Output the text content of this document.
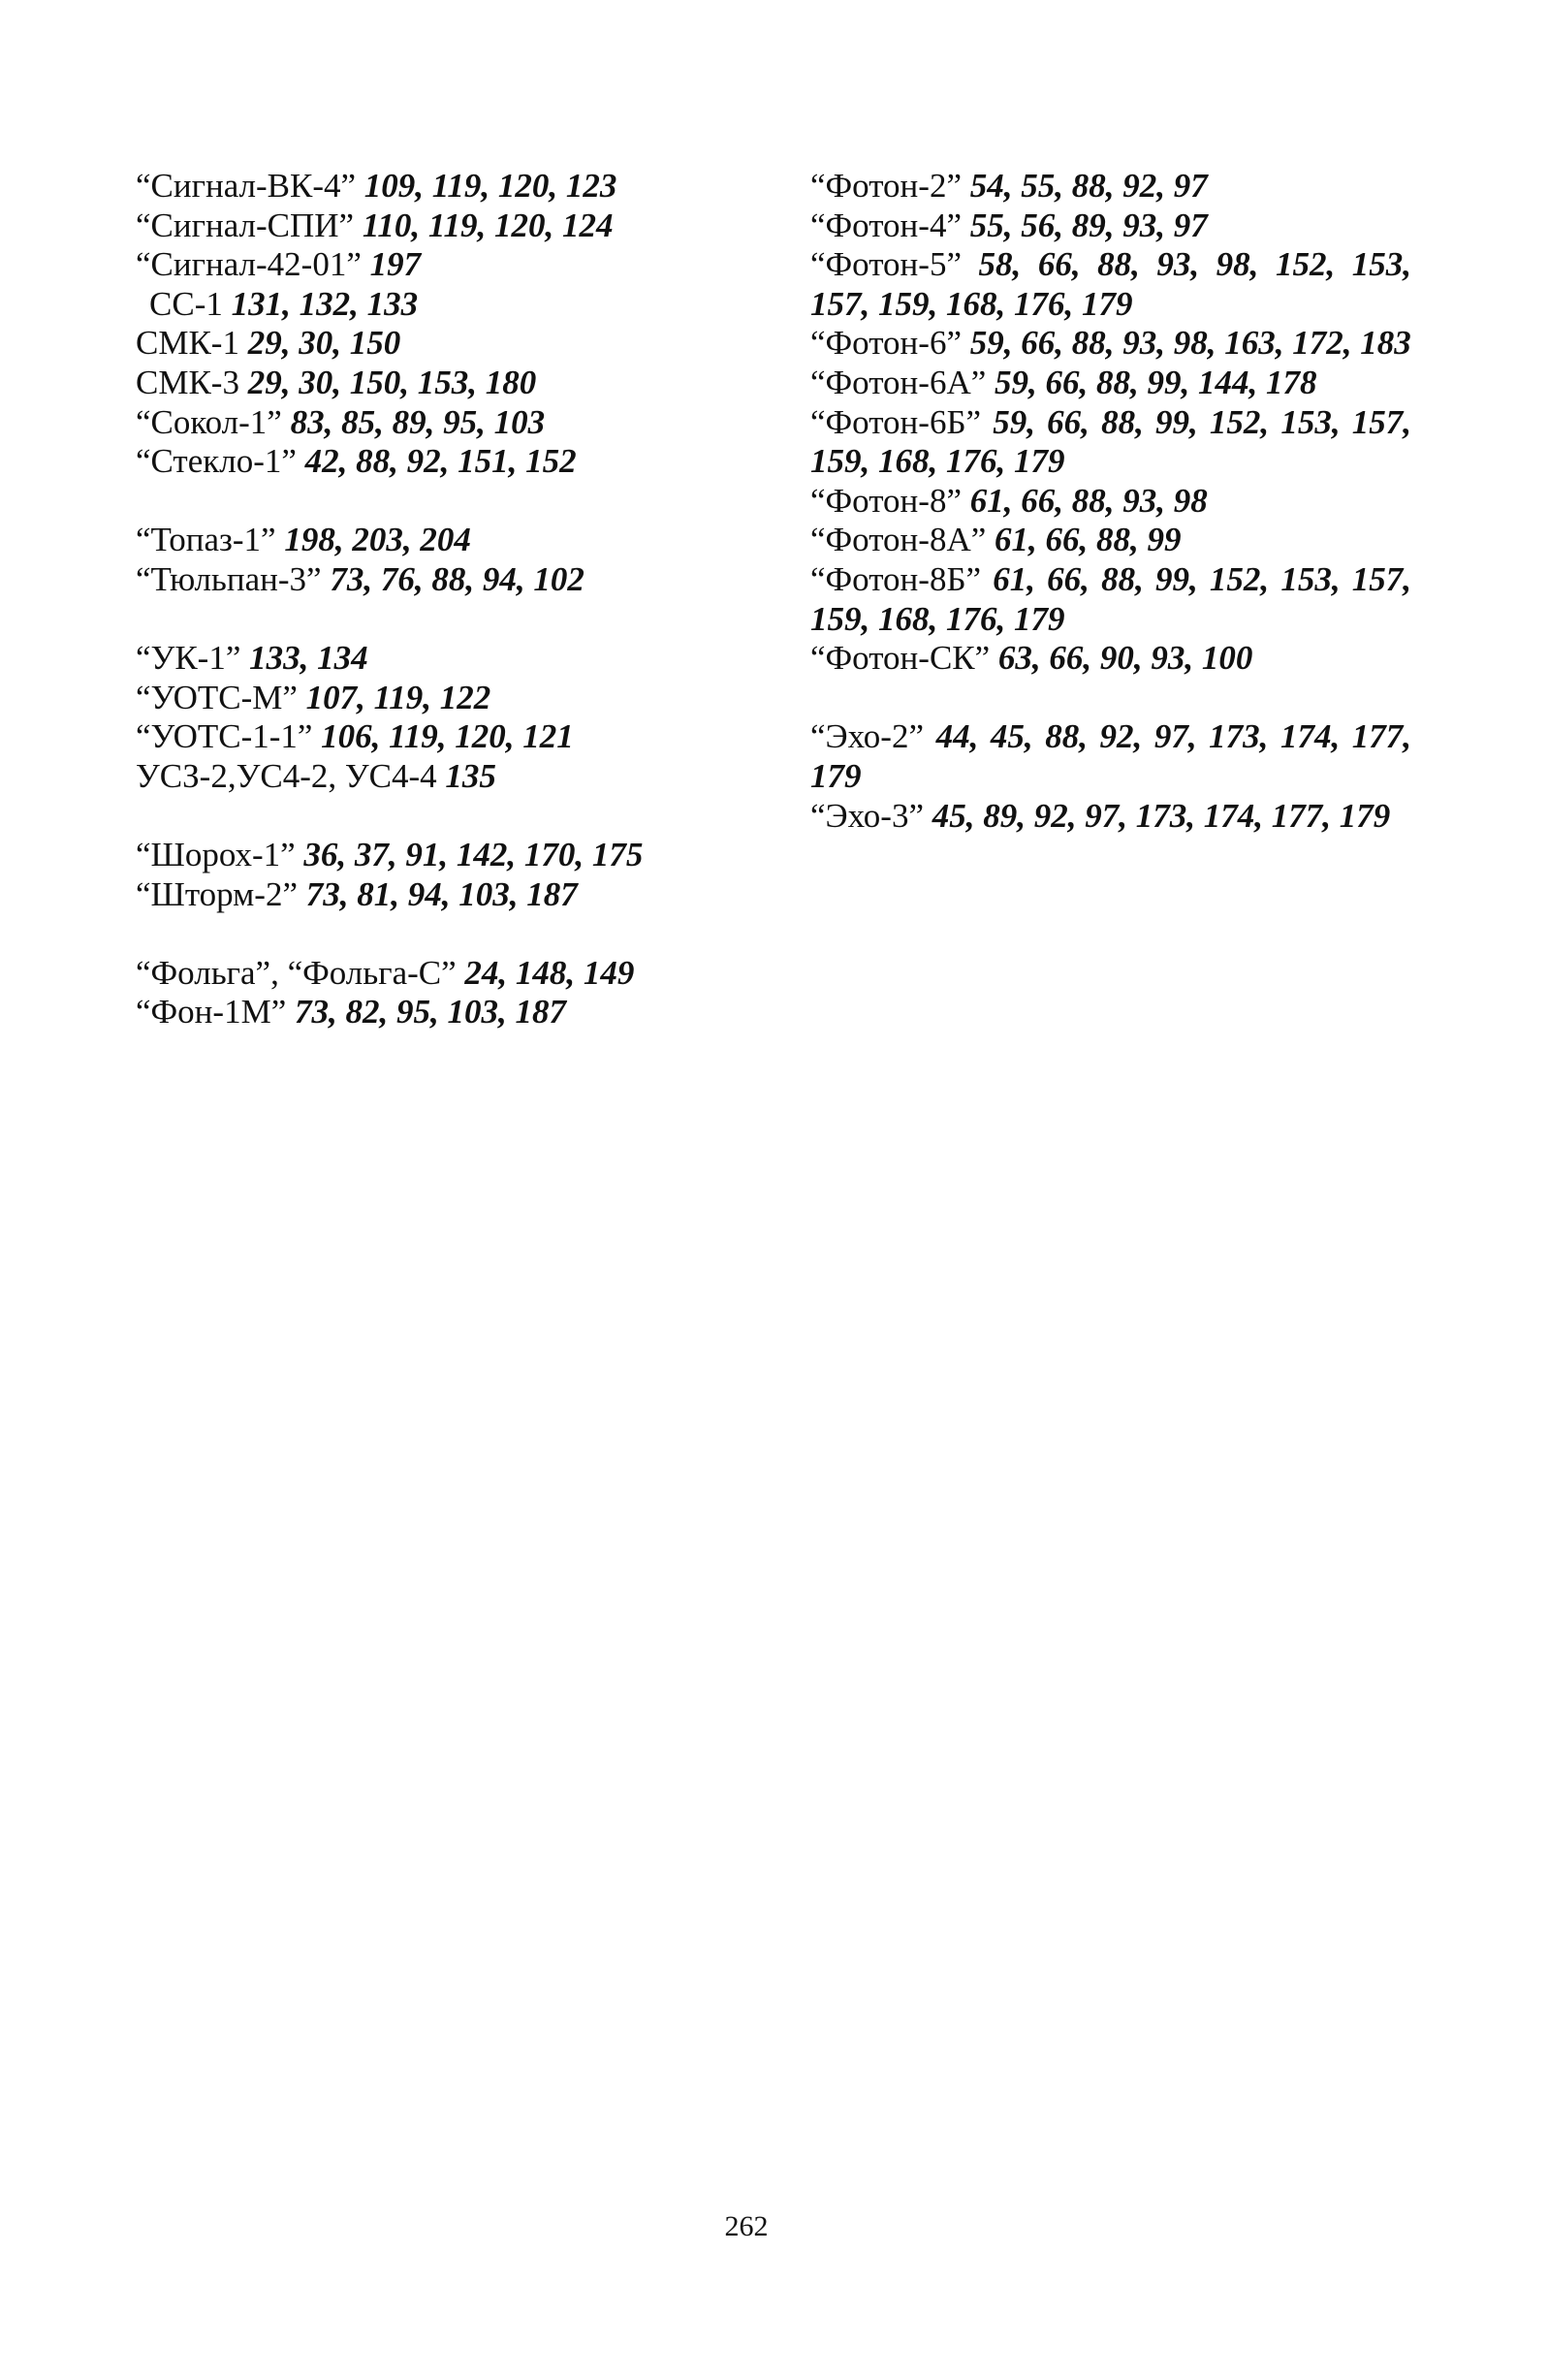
“Сигнал-ВК-4” 109, 119, 120, 123

“Сигнал-СПИ” 110, 119, 120, 124

“Сигнал-42-01” 197

СС-1 131, 132, 133

СМК-1 29, 30, 150

СМК-3 29, 30, 150, 153, 180

“Сокол-1” 83, 85, 89, 95, 103

“Стекло-1” 42, 88, 92, 151, 152

“Топаз-1” 198, 203, 204

“Тюльпан-3” 73, 76, 88, 94, 102

“УК-1” 133, 134

“УОТС-М” 107, 119, 122

“УОТС-1-1” 106, 119, 120, 121

УСЗ-2,УС4-2, УС4-4 135

“Шорох-1” 36, 37, 91, 142, 170, 175

“Шторм-2” 73, 81, 94, 103, 187

“Фольга”, “Фольга-С” 24, 148, 149

“Фон-1М” 73, 82, 95, 103, 187

“Фотон-2” 54, 55, 88, 92, 97

“Фотон-4” 55, 56, 89, 93, 97

“Фотон-5” 58, 66, 88, 93, 98, 152, 153, 157, 159, 168, 176, 179

“Фотон-6” 59, 66, 88, 93, 98, 163, 172, 183

“Фотон-6А” 59, 66, 88, 99, 144, 178

“Фотон-6Б” 59, 66, 88, 99, 152, 153, 157, 159, 168, 176, 179

“Фотон-8” 61, 66, 88, 93, 98

“Фотон-8А” 61, 66, 88, 99

“Фотон-8Б” 61, 66, 88, 99, 152, 153, 157, 159, 168, 176, 179

“Фотон-СК” 63, 66, 90, 93, 100

“Эхо-2” 44, 45, 88, 92, 97, 173, 174, 177, 179

“Эхо-3” 45, 89, 92, 97, 173, 174, 177, 179

262
